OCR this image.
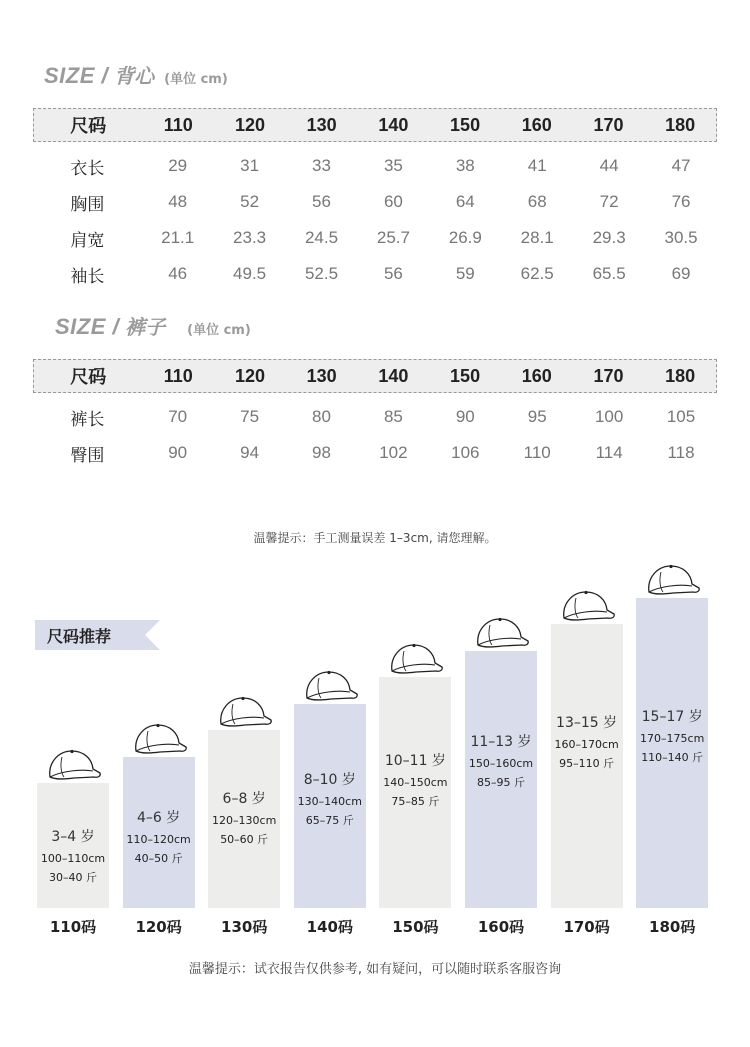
SIZE / 背心 (单位 cm)
尺码	110	120	130	140	150	160	170	180
衣长	29	31	33	35	38	41	44	47
胸围	48	52	56	60	64	68	72	76
肩宽	21.1	23.3	24.5	25.7	26.9	28.1	29.3	30.5
袖长	46	49.5	52.5	56	59	62.5	65.5	69
SIZE / 裤子 (单位 cm)
尺码	110	120	130	140	150	160	170	180
裤长	70	75	80	85	90	95	100	105
臀围	90	94	98	102	106	110	114	118
温馨提示：手工测量误差 1–3cm, 请您理解。
尺码推荐
3–4 岁
100–110cm
30–40 斤
110码
4–6 岁
110–120cm
40–50 斤
120码
6–8 岁
120–130cm
50–60 斤
130码
8–10 岁
130–140cm
65–75 斤
140码
10–11 岁
140–150cm
75–85 斤
150码
11–13 岁
150–160cm
85–95 斤
160码
13–15 岁
160–170cm
95–110 斤
170码
15–17 岁
170–175cm
110–140 斤
180码
温馨提示：试衣报告仅供参考, 如有疑问，可以随时联系客服咨询
